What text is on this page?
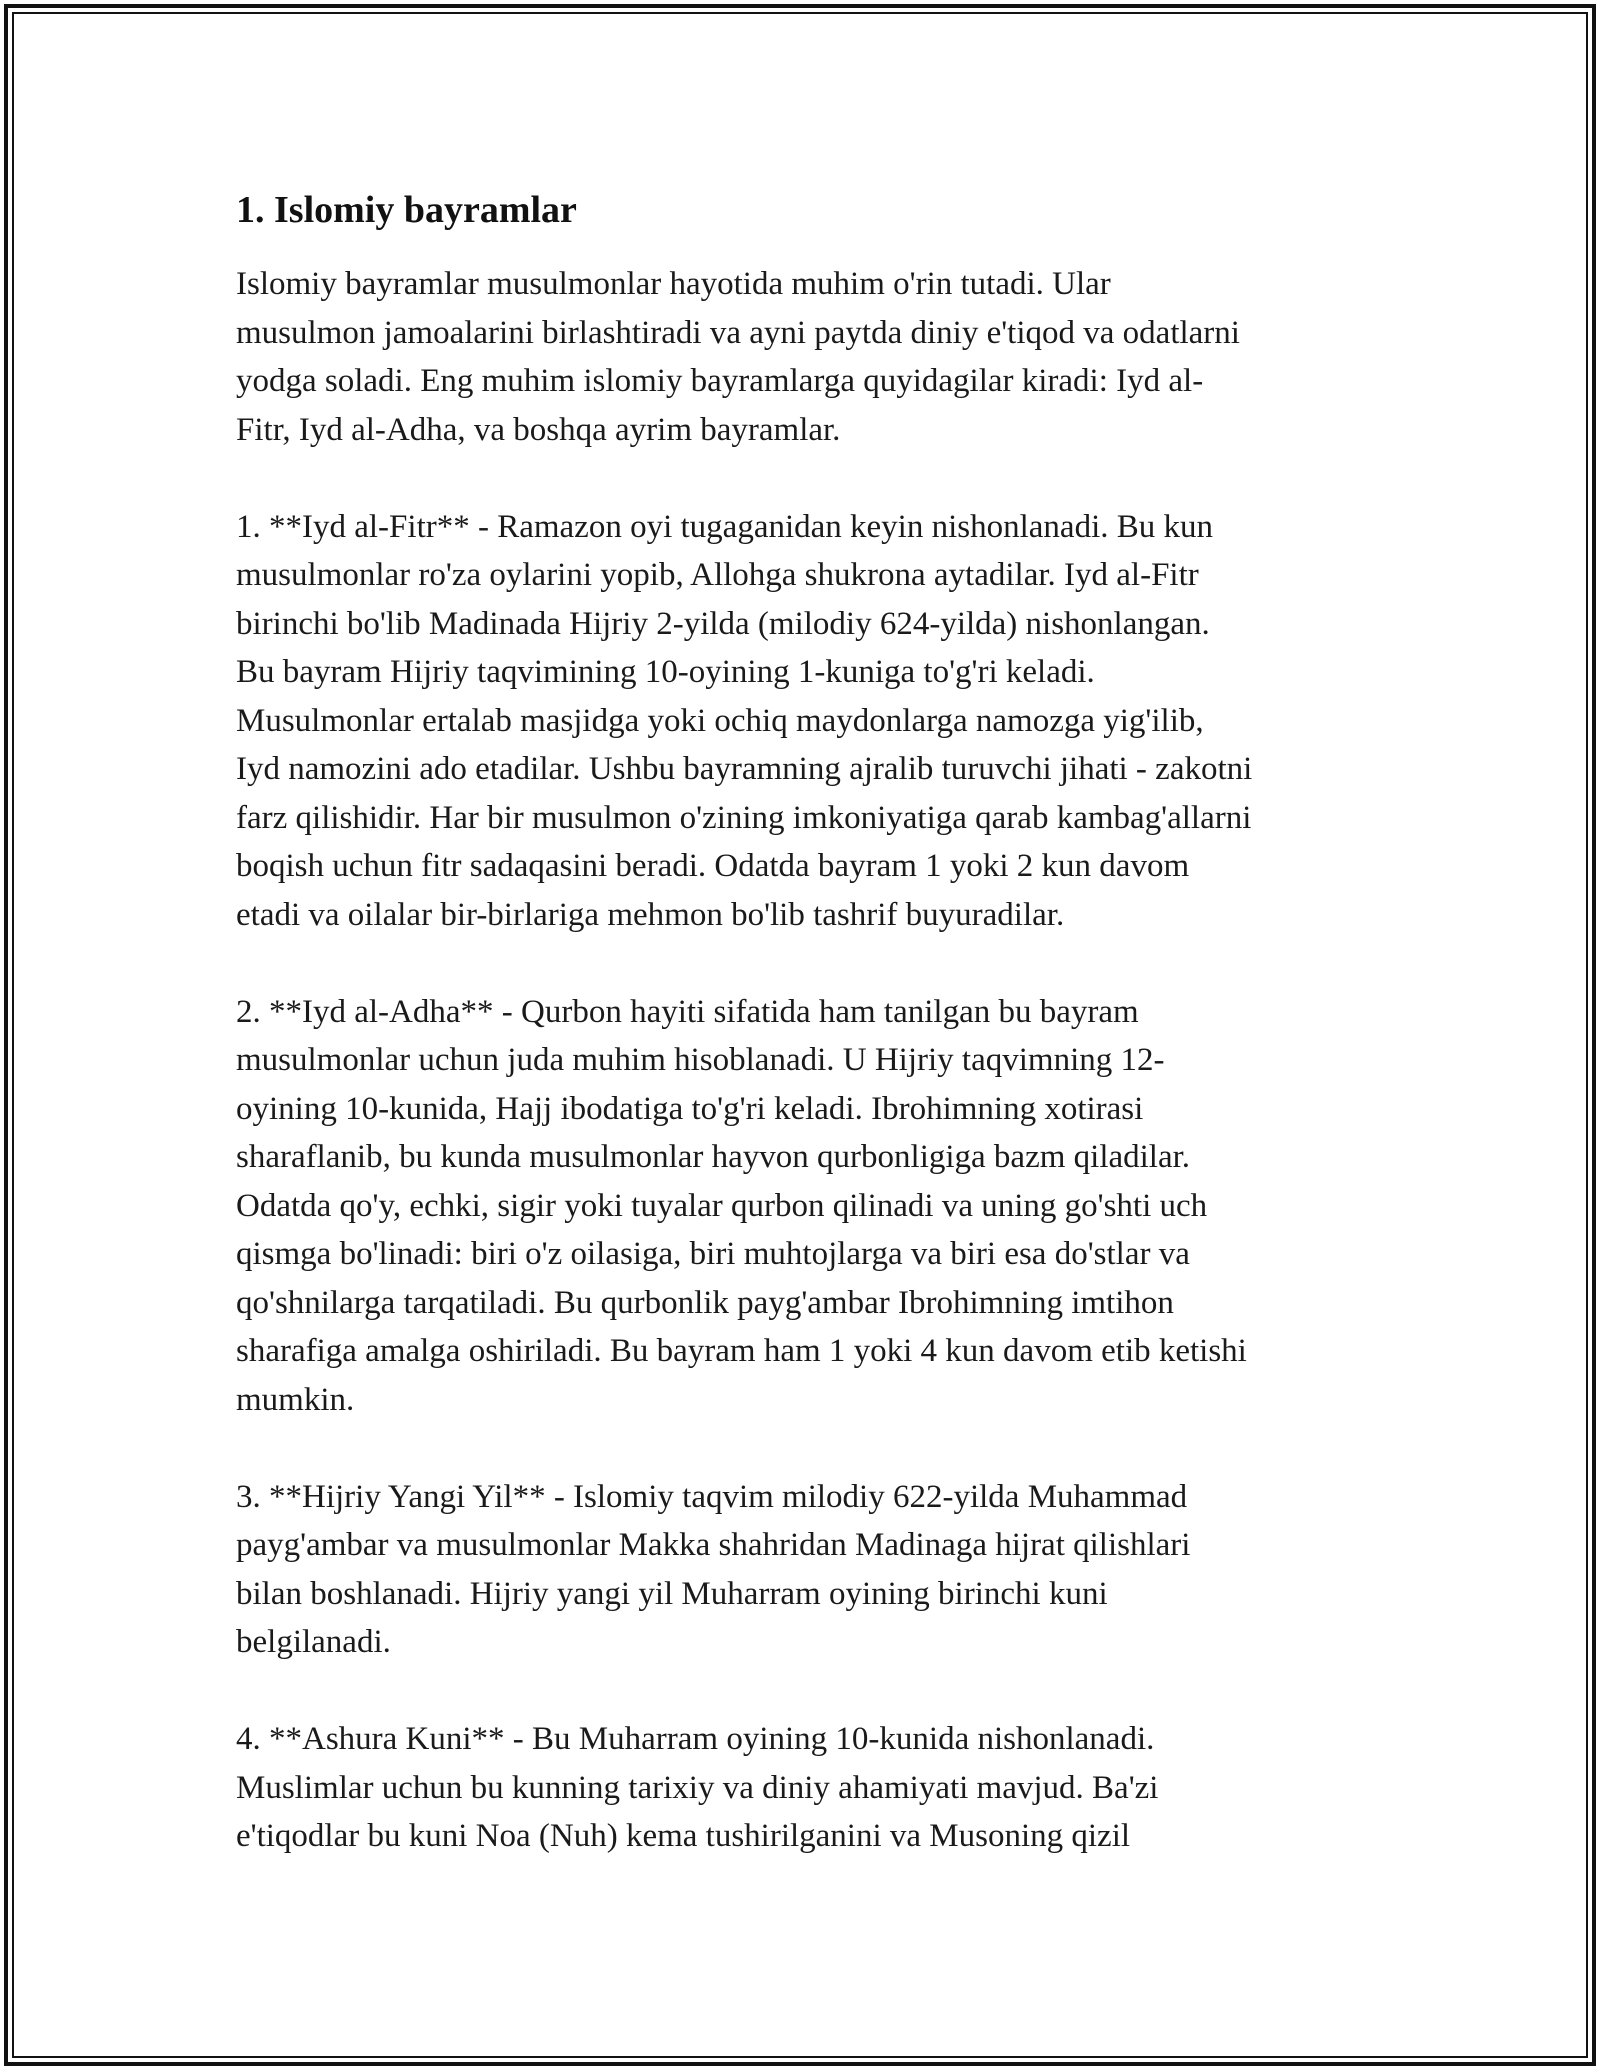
1. Islomiy bayramlar
Islomiy bayramlar musulmonlar hayotida muhim o'rin tutadi. Ular
musulmon jamoalarini birlashtiradi va ayni paytda diniy e'tiqod va odatlarni
yodga soladi. Eng muhim islomiy bayramlarga quyidagilar kiradi: Iyd al-
Fitr, Iyd al-Adha, va boshqa ayrim bayramlar.
1. **Iyd al-Fitr** - Ramazon oyi tugaganidan keyin nishonlanadi. Bu kun
musulmonlar ro'za oylarini yopib, Allohga shukrona aytadilar. Iyd al-Fitr
birinchi bo'lib Madinada Hijriy 2-yilda (milodiy 624-yilda) nishonlangan.
Bu bayram Hijriy taqvimining 10-oyining 1-kuniga to'g'ri keladi.
Musulmonlar ertalab masjidga yoki ochiq maydonlarga namozga yig'ilib,
Iyd namozini ado etadilar. Ushbu bayramning ajralib turuvchi jihati - zakotni
farz qilishidir. Har bir musulmon o'zining imkoniyatiga qarab kambag'allarni
boqish uchun fitr sadaqasini beradi. Odatda bayram 1 yoki 2 kun davom
etadi va oilalar bir-birlariga mehmon bo'lib tashrif buyuradilar.
2. **Iyd al-Adha** - Qurbon hayiti sifatida ham tanilgan bu bayram
musulmonlar uchun juda muhim hisoblanadi. U Hijriy taqvimning 12-
oyining 10-kunida, Hajj ibodatiga to'g'ri keladi. Ibrohimning xotirasi
sharaflanib, bu kunda musulmonlar hayvon qurbonligiga bazm qiladilar.
Odatda qo'y, echki, sigir yoki tuyalar qurbon qilinadi va uning go'shti uch
qismga bo'linadi: biri o'z oilasiga, biri muhtojlarga va biri esa do'stlar va
qo'shnilarga tarqatiladi. Bu qurbonlik payg'ambar Ibrohimning imtihon
sharafiga amalga oshiriladi. Bu bayram ham 1 yoki 4 kun davom etib ketishi
mumkin.
3. **Hijriy Yangi Yil** - Islomiy taqvim milodiy 622-yilda Muhammad
payg'ambar va musulmonlar Makka shahridan Madinaga hijrat qilishlari
bilan boshlanadi. Hijriy yangi yil Muharram oyining birinchi kuni
belgilanadi.
4. **Ashura Kuni** - Bu Muharram oyining 10-kunida nishonlanadi.
Muslimlar uchun bu kunning tarixiy va diniy ahamiyati mavjud. Ba'zi
e'tiqodlar bu kuni Noa (Nuh) kema tushirilganini va Musoning qizil
